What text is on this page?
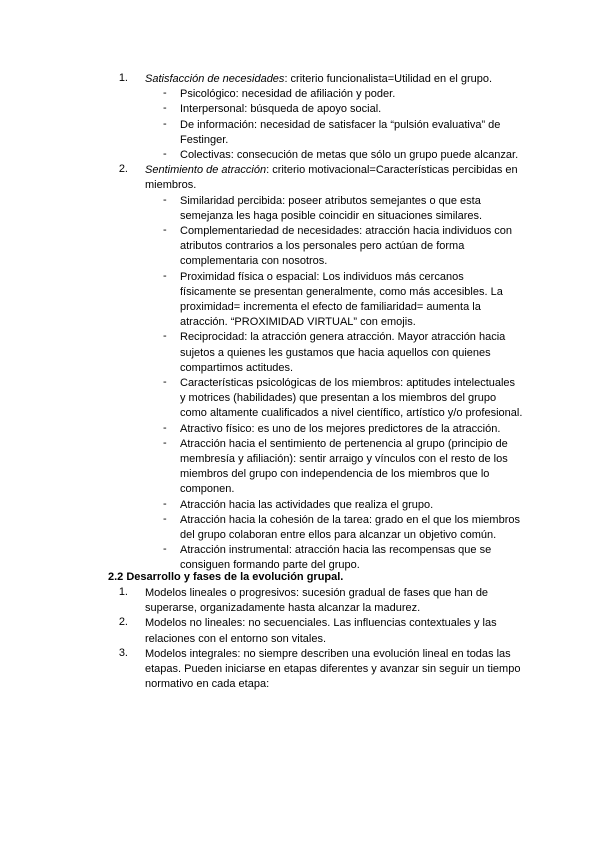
1. Satisfacción de necesidades: criterio funcionalista=Utilidad en el grupo.
- Psicológico: necesidad de afiliación y poder.
- Interpersonal: búsqueda de apoyo social.
- De información: necesidad de satisfacer la “pulsión evaluativa” de
Festinger.
- Colectivas: consecución de metas que sólo un grupo puede alcanzar.
2. Sentimiento de atracción: criterio motivacional=Características percibidas en
miembros.
- Similaridad percibida: poseer atributos semejantes o que esta
semejanza les haga posible coincidir en situaciones similares.
- Complementariedad de necesidades: atracción hacia individuos con
atributos contrarios a los personales pero actúan de forma
complementaria con nosotros.
- Proximidad física o espacial: Los individuos más cercanos
físicamente se presentan generalmente, como más accesibles. La
proximidad= incrementa el efecto de familiaridad= aumenta la
atracción. “PROXIMIDAD VIRTUAL” con emojis.
- Reciprocidad: la atracción genera atracción. Mayor atracción hacia
sujetos a quienes les gustamos que hacia aquellos con quienes
compartimos actitudes.
- Características psicológicas de los miembros: aptitudes intelectuales
y motrices (habilidades) que presentan a los miembros del grupo
como altamente cualificados a nivel científico, artístico y/o profesional.
- Atractivo físico: es uno de los mejores predictores de la atracción.
- Atracción hacia el sentimiento de pertenencia al grupo (principio de
membresía y afiliación): sentir arraigo y vínculos con el resto de los
miembros del grupo con independencia de los miembros que lo
componen.
- Atracción hacia las actividades que realiza el grupo.
- Atracción hacia la cohesión de la tarea: grado en el que los miembros
del grupo colaboran entre ellos para alcanzar un objetivo común.
- Atracción instrumental: atracción hacia las recompensas que se
consiguen formando parte del grupo.
2.2 Desarrollo y fases de la evolución grupal.
1. Modelos lineales o progresivos: sucesión gradual de fases que han de
superarse, organizadamente hasta alcanzar la madurez.
2. Modelos no lineales: no secuenciales. Las influencias contextuales y las
relaciones con el entorno son vitales.
3. Modelos integrales: no siempre describen una evolución lineal en todas las
etapas. Pueden iniciarse en etapas diferentes y avanzar sin seguir un tiempo
normativo en cada etapa:
